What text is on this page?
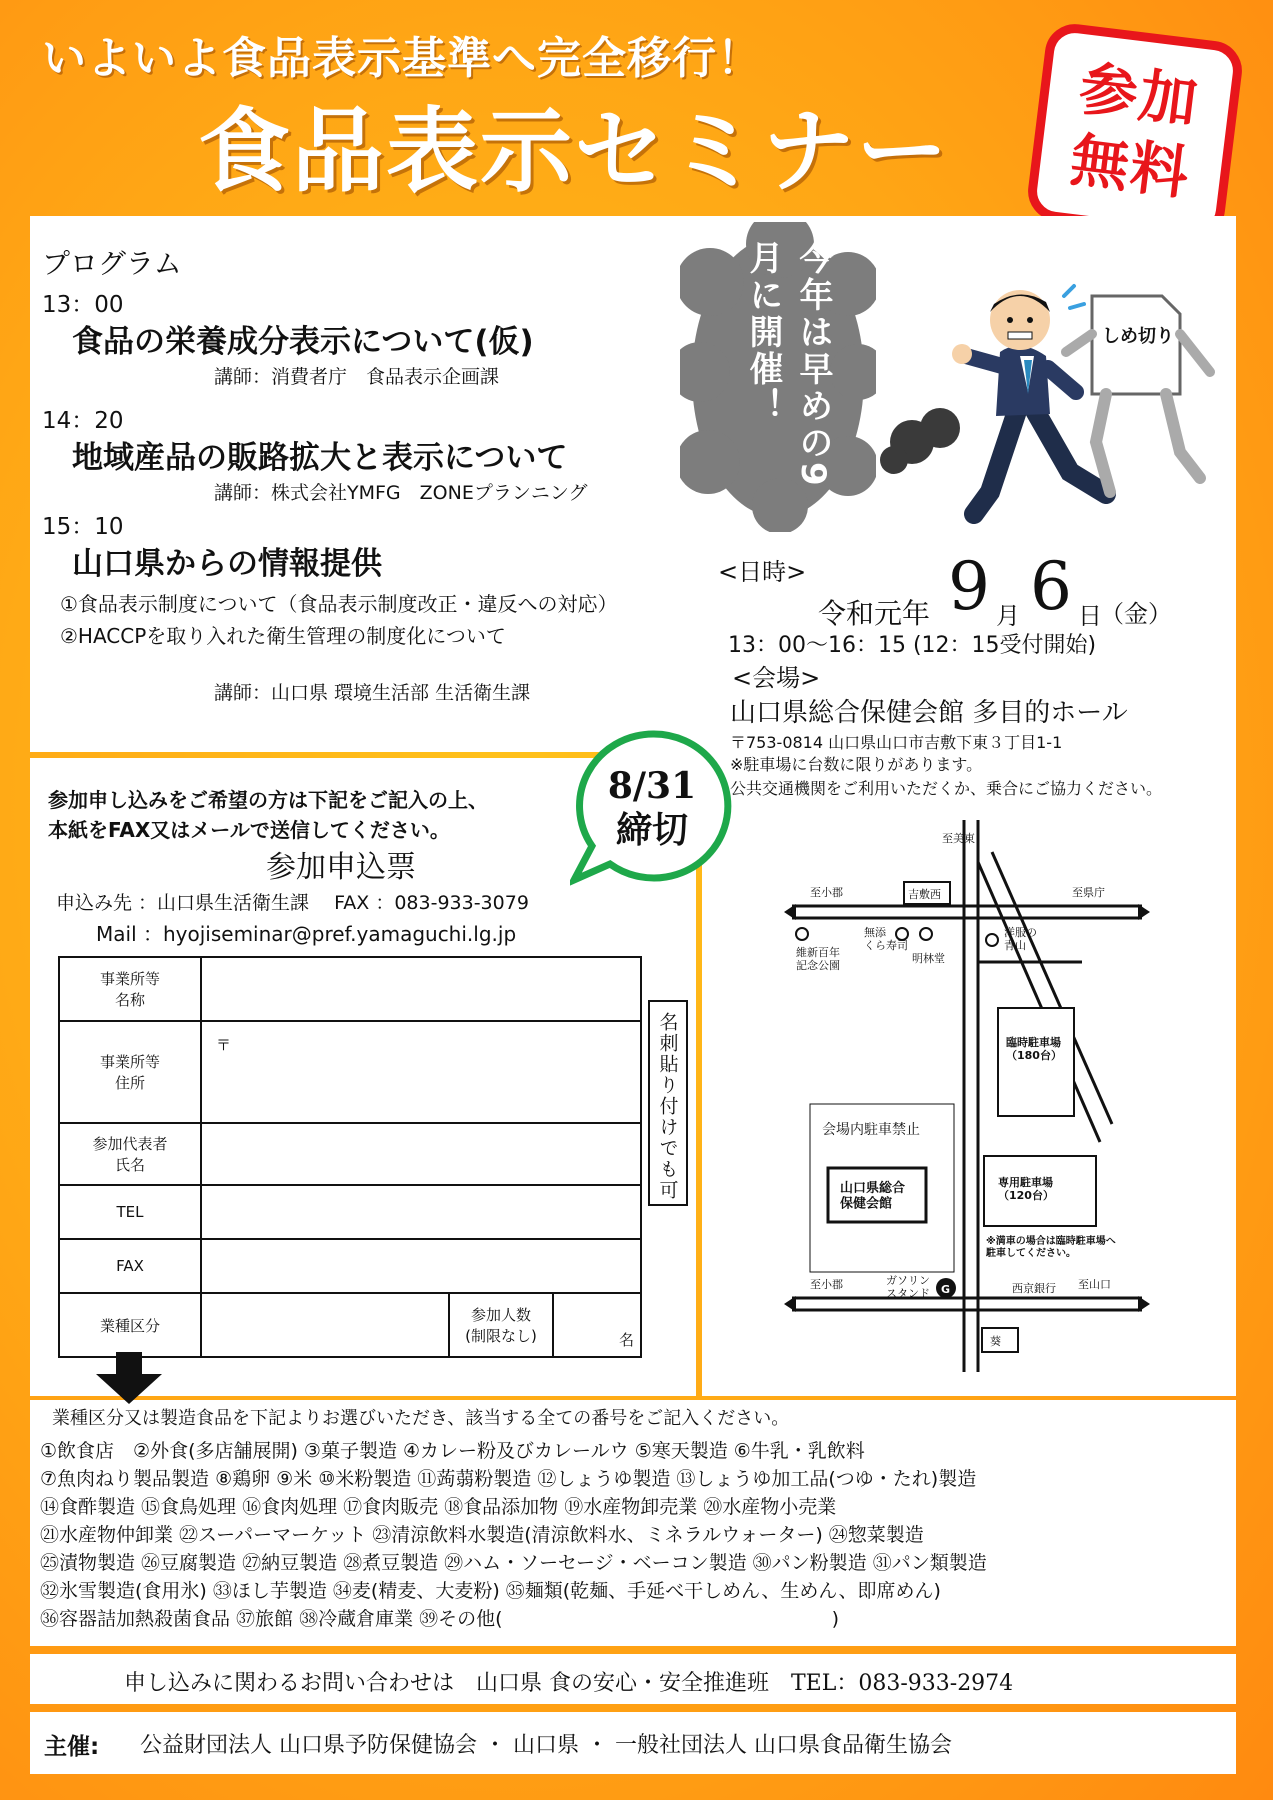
いよいよ食品表示基準へ完全移行！
食品表示セミナー
参加
無料
プログラム
13：00
食品の栄養成分表示について(仮)
講師：消費者庁　食品表示企画課
14：20
地域産品の販路拡大と表示について
講師：株式会社YMFG　ZONEプランニング
15：10
山口県からの情報提供
①食品表示制度について（食品表示制度改正・違反への対応）
②HACCPを取り入れた衛生管理の制度化について
講師：山口県 環境生活部 生活衛生課
今年は早めの9月に開催！	しめ切り
<日時>
令和元年 9 月 6 日
（金）
13：00～16：15 (12：15受付開始)
<会場>
山口県総合保健会館 多目的ホール
〒753-0814 山口県山口市吉敷下東３丁目1-1
※駐車場に台数に限りがあります。
公共交通機関をご利用いただくか、乗合にご協力ください。
至美東
至小郡	至県庁
吉敷西
維新百年記念公園
無添くら寿司
明林堂
洋服の青山
臨時駐車場（180台）
会場内駐車禁止
山口県総合保健会館
専用駐車場（120台）
※満車の場合は臨時駐車場へ駐車してください。
至小郡	ガソリンスタンド G	西京銀行 至山口
葵
参加申し込みをご希望の方は下記をご記入の上、
本紙をFAX又はメールで送信してください。
参加申込票
申込み先 ：山口県生活衛生課　 FAX ：083-933-3079
Mail ：hyojiseminar@pref.yamaguchi.lg.jp
8/31
締切
事業所等
名称			
事業所等
住所	〒		
参加代表者
氏名			
TEL			
FAX			
業種区分		参加人数
(制限なし)	名
名刺貼り付けでも可
業種区分又は製造食品を下記よりお選びいただき、該当する全ての番号をご記入ください。
①飲食店　②外食(多店舗展開) ③菓子製造 ④カレー粉及びカレールウ ⑤寒天製造 ⑥牛乳・乳飲料
⑦魚肉ねり製品製造 ⑧鶏卵 ⑨米 ⑩米粉製造 ⑪蒟蒻粉製造 ⑫しょうゆ製造 ⑬しょうゆ加工品(つゆ・たれ)製造
⑭食酢製造 ⑮食鳥処理 ⑯食肉処理 ⑰食肉販売 ⑱食品添加物 ⑲水産物卸売業 ⑳水産物小売業
㉑水産物仲卸業 ㉒スーパーマーケット ㉓清涼飲料水製造(清涼飲料水、ミネラルウォーター) ㉔惣菜製造
㉕漬物製造 ㉖豆腐製造 ㉗納豆製造 ㉘煮豆製造 ㉙ハム・ソーセージ・ベーコン製造 ㉚パン粉製造 ㉛パン類製造
㉜氷雪製造(食用氷) ㉝ほし芋製造 ㉞麦(精麦、大麦粉) ㉟麺類(乾麺、手延べ干しめん、生めん、即席めん)
㊱容器詰加熱殺菌食品 ㊲旅館 ㊳冷蔵倉庫業 ㊴その他(　　　　　　　　　　　　　　　　　 )
申し込みに関わるお問い合わせは　山口県 食の安心・安全推進班　TEL：083-933-2974
主催: 公益財団法人 山口県予防保健協会 ・ 山口県 ・ 一般社団法人 山口県食品衛生協会
